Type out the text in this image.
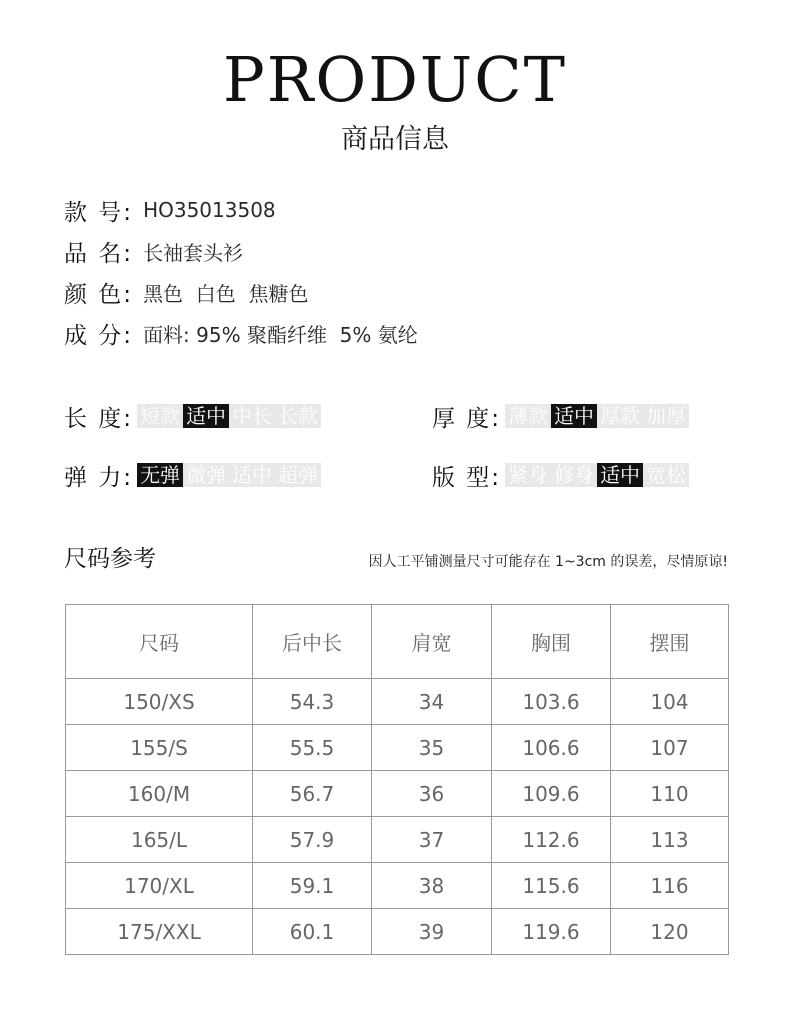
PRODUCT
商品信息
款 号: HO35013508
品 名: 长袖套头衫
颜 色: 黑色  白色  焦糖色
成 分: 面料: 95% 聚酯纤维  5% 氨纶
长 度: 短款 适中 中长 长款	厚 度: 薄款 适中 厚款 加厚
弹 力: 无弹 微弹 适中 超弹	版 型: 紧身 修身 适中 宽松
尺码参考	因人工平铺测量尺寸可能存在 1~3cm 的误差，尽情原谅!
尺码	后中长	肩宽	胸围	摆围
150/XS	54.3	34	103.6	104
155/S	55.5	35	106.6	107
160/M	56.7	36	109.6	110
165/L	57.9	37	112.6	113
170/XL	59.1	38	115.6	116
175/XXL	60.1	39	119.6	120
